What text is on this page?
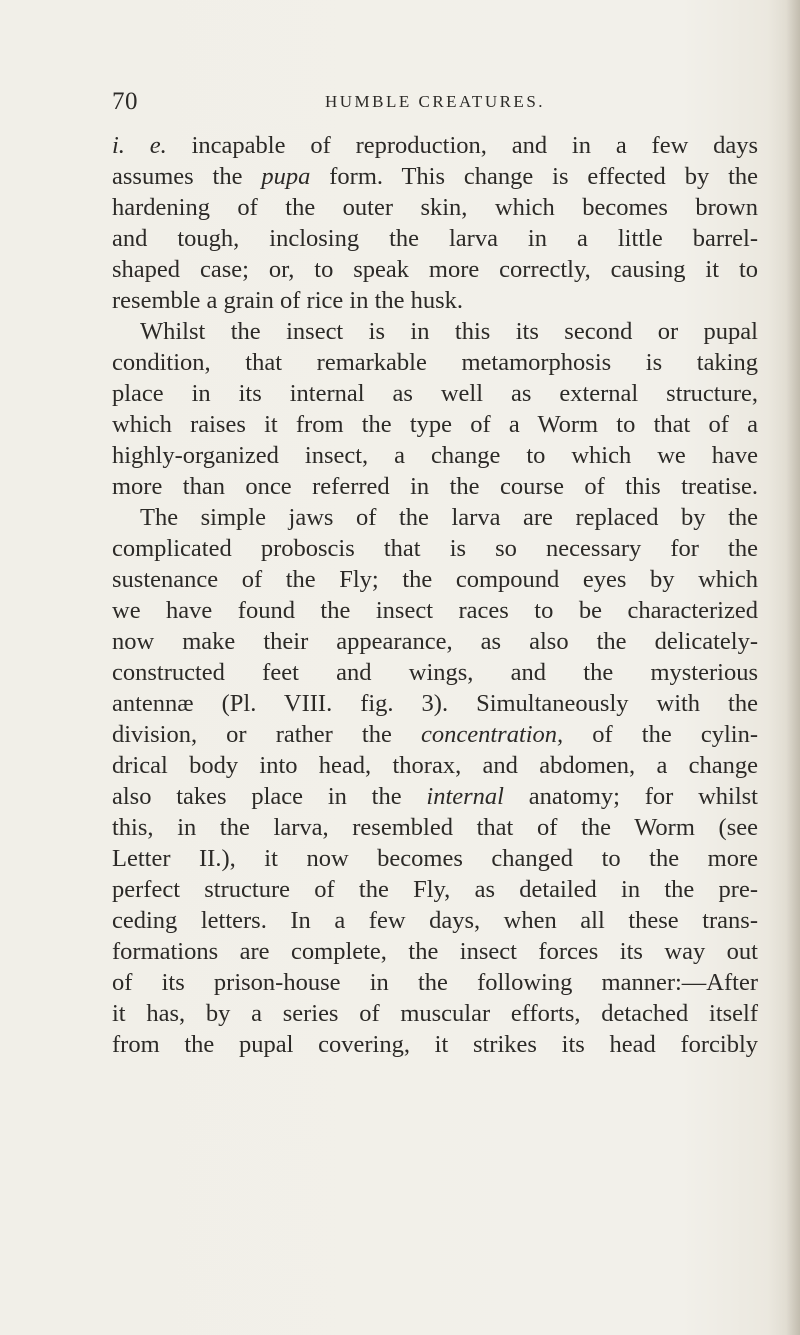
70	HUMBLE CREATURES.
i. e. incapable of reproduction, and in a few days
assumes the pupa form. This change is effected by the
hardening of the outer skin, which becomes brown
and tough, inclosing the larva in a little barrel-
shaped case; or, to speak more correctly, causing it to
resemble a grain of rice in the husk.
Whilst the insect is in this its second or pupal
condition, that remarkable metamorphosis is taking
place in its internal as well as external structure,
which raises it from the type of a Worm to that of a
highly-organized insect, a change to which we have
more than once referred in the course of this treatise.
The simple jaws of the larva are replaced by the
complicated proboscis that is so necessary for the
sustenance of the Fly; the compound eyes by which
we have found the insect races to be characterized
now make their appearance, as also the delicately-
constructed feet and wings, and the mysterious
antennæ (Pl. VIII. fig. 3). Simultaneously with the
division, or rather the concentration, of the cylin-
drical body into head, thorax, and abdomen, a change
also takes place in the internal anatomy; for whilst
this, in the larva, resembled that of the Worm (see
Letter II.), it now becomes changed to the more
perfect structure of the Fly, as detailed in the pre-
ceding letters. In a few days, when all these trans-
formations are complete, the insect forces its way out
of its prison-house in the following manner:—After
it has, by a series of muscular efforts, detached itself
from the pupal covering, it strikes its head forcibly
